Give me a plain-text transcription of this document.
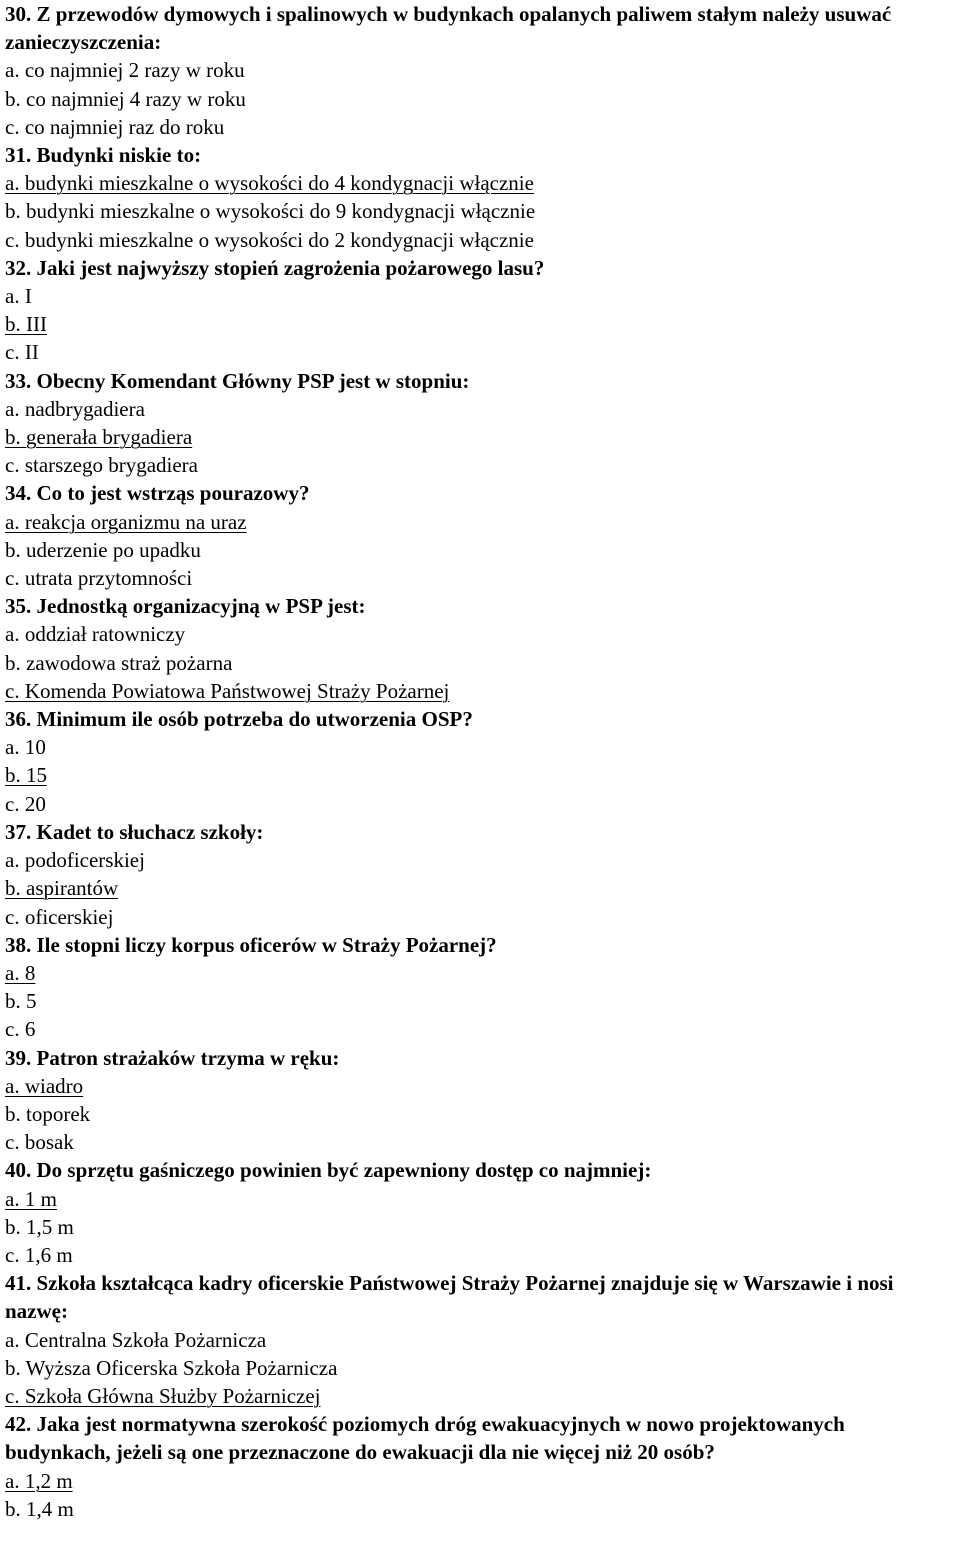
30. Z przewodów dymowych i spalinowych w budynkach opalanych paliwem stałym należy usuwać zanieczyszczenia:
a. co najmniej 2 razy w roku
b. co najmniej 4 razy w roku
c. co najmniej raz do roku
31. Budynki niskie to:
a. budynki mieszkalne o wysokości do 4 kondygnacji włącznie
b. budynki mieszkalne o wysokości do 9 kondygnacji włącznie
c. budynki mieszkalne o wysokości do 2 kondygnacji włącznie
32. Jaki jest najwyższy stopień zagrożenia pożarowego lasu?
a. I
b. III
c. II
33. Obecny Komendant Główny PSP jest w stopniu:
a. nadbrygadiera
b. generała brygadiera
c. starszego brygadiera
34. Co to jest wstrząs pourazowy?
a. reakcja organizmu na uraz
b. uderzenie po upadku
c. utrata przytomności
35. Jednostką organizacyjną w PSP jest:
a. oddział ratowniczy
b. zawodowa straż pożarna
c. Komenda Powiatowa Państwowej Straży Pożarnej
36. Minimum ile osób potrzeba do utworzenia OSP?
a. 10
b. 15
c. 20
37. Kadet to słuchacz szkoły:
a. podoficerskiej
b. aspirantów
c. oficerskiej
38. Ile stopni liczy korpus oficerów w Straży Pożarnej?
a. 8
b. 5
c. 6
39. Patron strażaków trzyma w ręku:
a. wiadro
b. toporek
c. bosak
40. Do sprzętu gaśniczego powinien być zapewniony dostęp co najmniej:
a. 1 m
b. 1,5 m
c. 1,6 m
41. Szkoła kształcąca kadry oficerskie Państwowej Straży Pożarnej znajduje się w Warszawie i nosi  nazwę:
a. Centralna Szkoła Pożarnicza
b. Wyższa Oficerska Szkoła Pożarnicza
c. Szkoła Główna Służby Pożarniczej
42. Jaka jest normatywna szerokość poziomych dróg ewakuacyjnych w nowo projektowanych budynkach, jeżeli są one przeznaczone do ewakuacji dla nie więcej niż 20 osób?
a. 1,2 m
b. 1,4 m
